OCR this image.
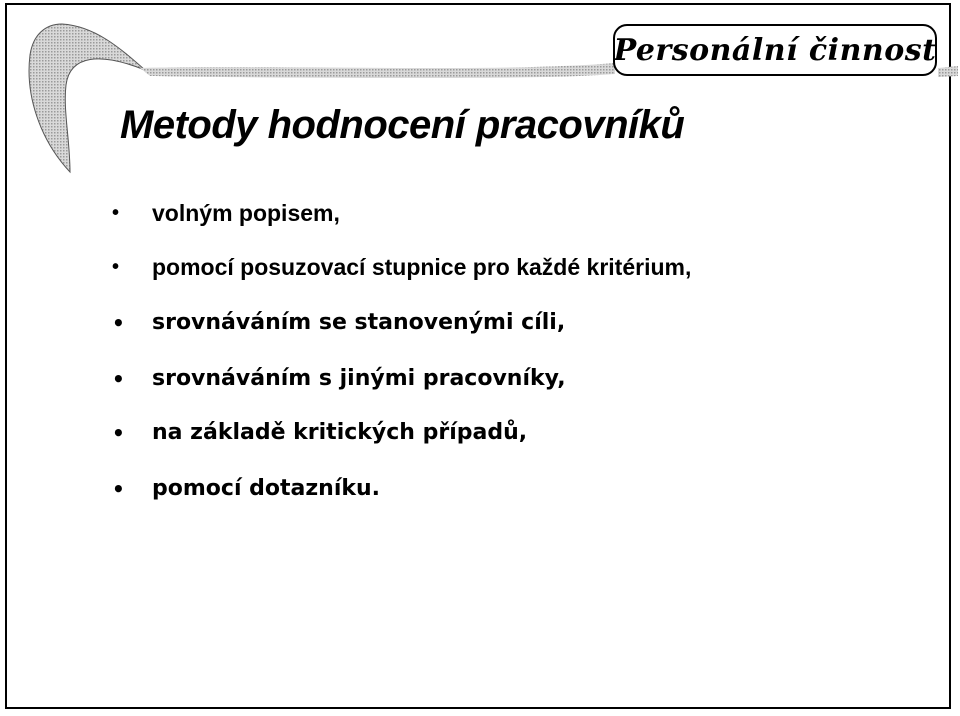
Personální činnost
Metody hodnocení pracovníků
•	volným popisem,
•	pomocí posuzovací stupnice pro každé kritérium,
•	srovnáváním se stanovenými cíli,
•	srovnáváním s jinými pracovníky,
•	na základě kritických případů,
•	pomocí dotazníku.
